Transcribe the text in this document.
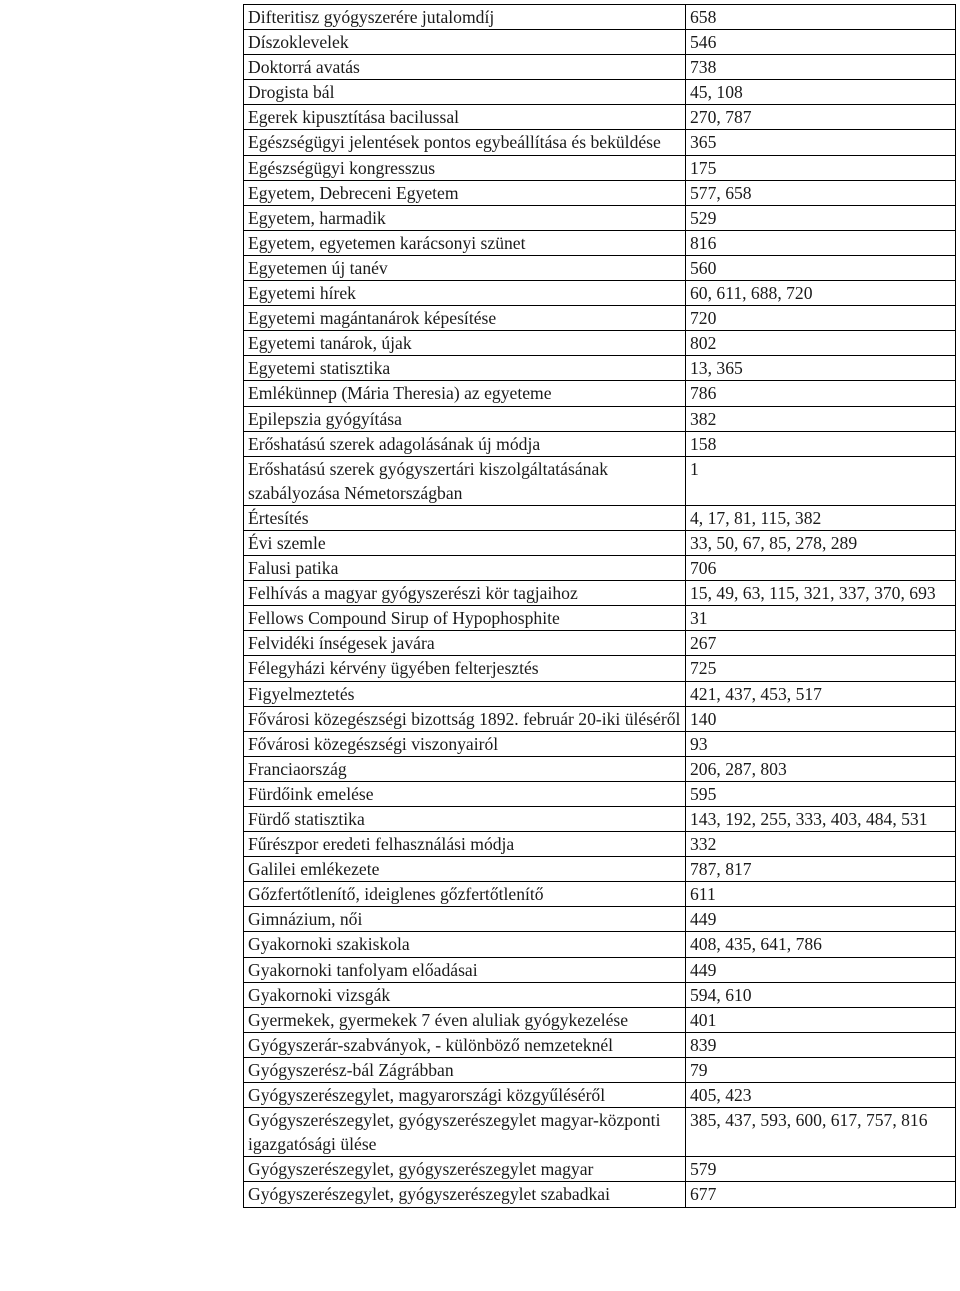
Difteritisz gyógyszerére jutalomdíj	658
Díszoklevelek	546
Doktorrá avatás	738
Drogista bál	45, 108
Egerek kipusztítása bacilussal	270, 787
Egészségügyi jelentések pontos egybeállítása és beküldése	365
Egészségügyi kongresszus	175
Egyetem, Debreceni Egyetem	577, 658
Egyetem, harmadik	529
Egyetem, egyetemen karácsonyi szünet	816
Egyetemen új tanév	560
Egyetemi hírek	60, 611, 688, 720
Egyetemi magántanárok képesítése	720
Egyetemi tanárok, újak	802
Egyetemi statisztika	13, 365
Emlékünnep (Mária Theresia) az egyeteme	786
Epilepszia gyógyítása	382
Erőshatású szerek adagolásának új módja	158
Erőshatású szerek gyógyszertári kiszolgáltatásának szabályozása Németországban	1
Értesítés	4, 17, 81, 115, 382
Évi szemle	33, 50, 67, 85, 278, 289
Falusi patika	706
Felhívás a magyar gyógyszerészi kör tagjaihoz	15, 49, 63, 115, 321, 337, 370, 693
Fellows Compound Sirup of Hypophosphite	31
Felvidéki ínségesek javára	267
Félegyházi kérvény ügyében felterjesztés	725
Figyelmeztetés	421, 437, 453, 517
Fővárosi közegészségi bizottság 1892. február 20-iki üléséről	140
Fővárosi közegészségi viszonyairól	93
Franciaország	206, 287, 803
Fürdőink emelése	595
Fürdő statisztika	143, 192, 255, 333, 403, 484, 531
Fűrészpor eredeti felhasználási módja	332
Galilei emlékezete	787, 817
Gőzfertőtlenítő, ideiglenes gőzfertőtlenítő	611
Gimnázium, női	449
Gyakornoki szakiskola	408, 435, 641, 786
Gyakornoki tanfolyam előadásai	449
Gyakornoki vizsgák	594, 610
Gyermekek, gyermekek 7 éven aluliak gyógykezelése	401
Gyógyszerár-szabványok, - különböző nemzeteknél	839
Gyógyszerész-bál Zágrábban	79
Gyógyszerészegylet, magyarországi közgyűléséről	405, 423
Gyógyszerészegylet, gyógyszerészegylet magyar-központi igazgatósági ülése	385, 437, 593, 600, 617, 757, 816
Gyógyszerészegylet, gyógyszerészegylet magyar	579
Gyógyszerészegylet, gyógyszerészegylet szabadkai	677
